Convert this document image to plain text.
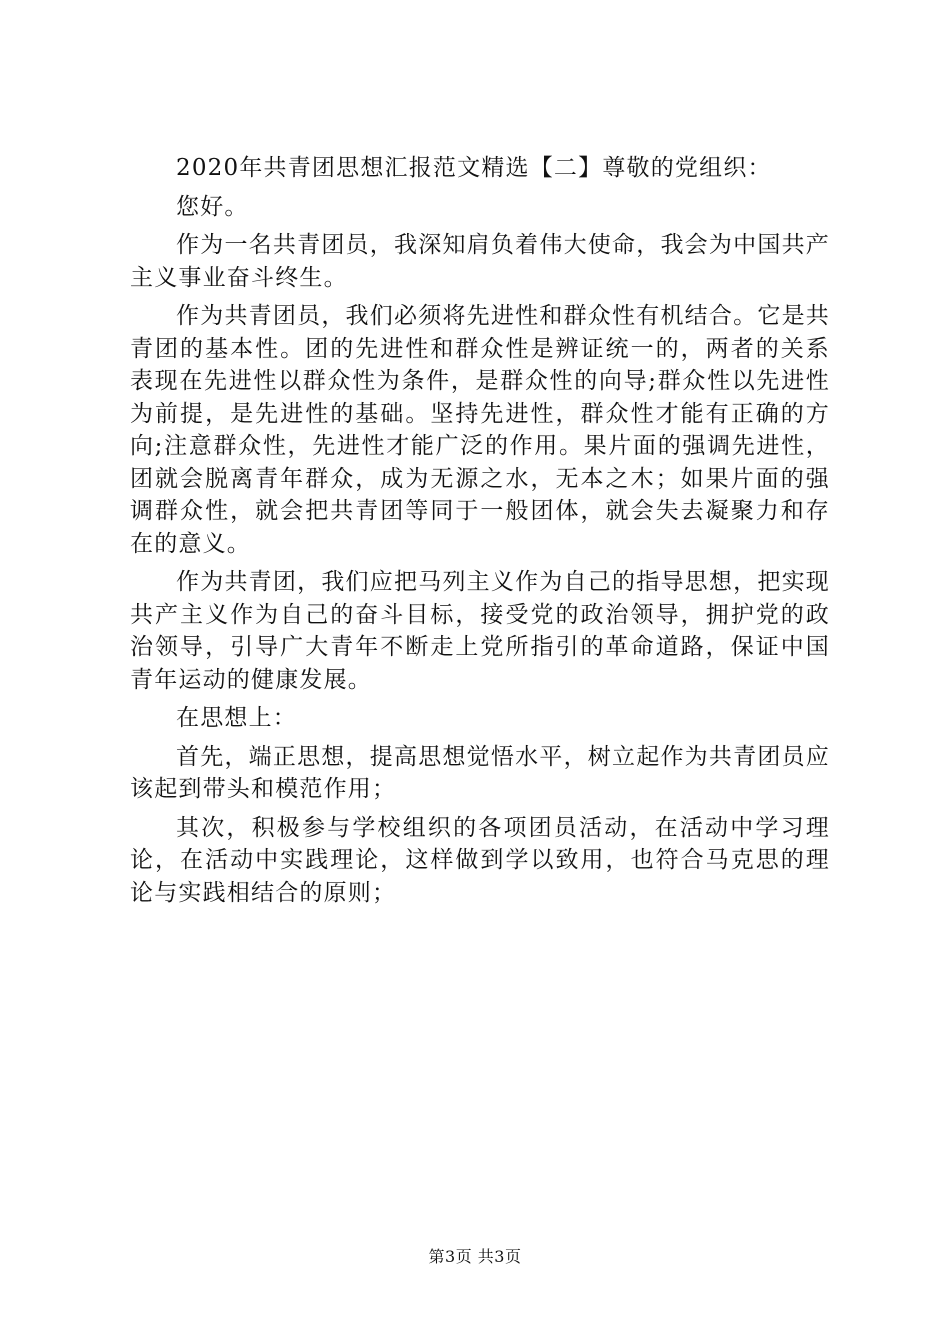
2020年共青团思想汇报范文精选【二】尊敬的党组织：

您好。

作为一名共青团员，我深知肩负着伟大使命，我会为中国共产主义事业奋斗终生。

作为共青团员，我们必须将先进性和群众性有机结合。它是共青团的基本性。团的先进性和群众性是辨证统一的，两者的关系表现在先进性以群众性为条件，是群众性的向导;群众性以先进性为前提，是先进性的基础。坚持先进性，群众性才能有正确的方向;注意群众性，先进性才能广泛的作用。果片面的强调先进性，团就会脱离青年群众，成为无源之水，无本之木；如果片面的强调群众性，就会把共青团等同于一般团体，就会失去凝聚力和存在的意义。

作为共青团，我们应把马列主义作为自己的指导思想，把实现共产主义作为自己的奋斗目标，接受党的政治领导，拥护党的政治领导，引导广大青年不断走上党所指引的革命道路，保证中国青年运动的健康发展。

在思想上：

首先，端正思想，提高思想觉悟水平，树立起作为共青团员应该起到带头和模范作用；

其次，积极参与学校组织的各项团员活动，在活动中学习理论，在活动中实践理论，这样做到学以致用，也符合马克思的理论与实践相结合的原则；

第3页 共3页
